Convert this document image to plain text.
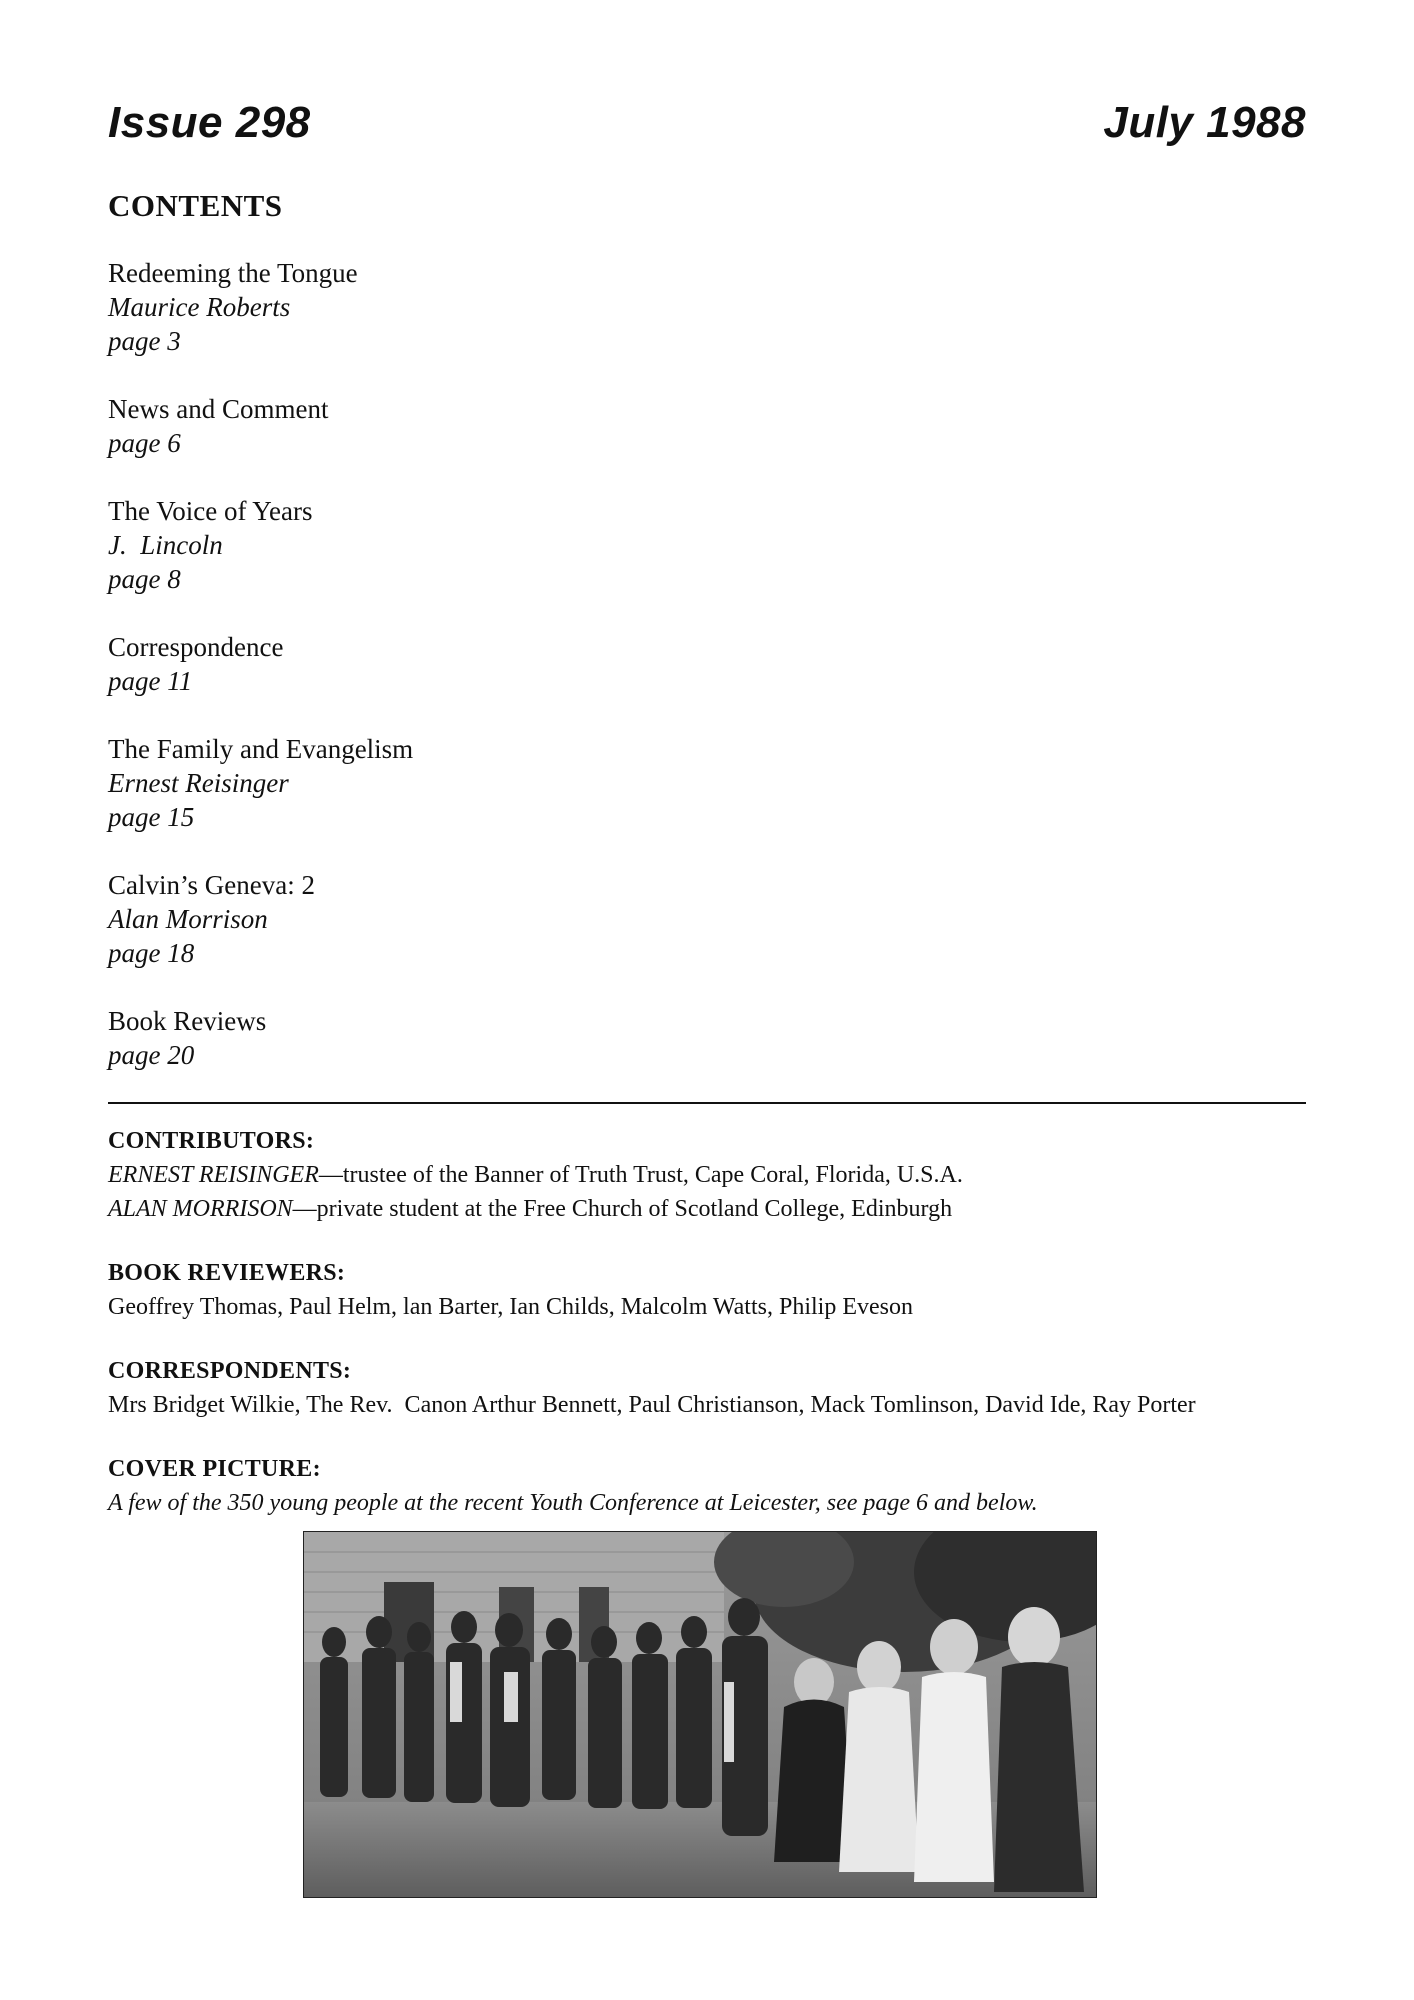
Issue 298	July 1988
CONTENTS
Redeeming the Tongue
Maurice Roberts
page 3
News and Comment
page 6
The Voice of Years
J.  Lincoln
page 8
Correspondence
page 11
The Family and Evangelism
Ernest Reisinger
page 15
Calvin’s Geneva: 2
Alan Morrison
page 18
Book Reviews
page 20
CONTRIBUTORS:
ERNEST REISINGER—trustee of the Banner of Truth Trust, Cape Coral, Florida, U.S.A.
ALAN MORRISON—private student at the Free Church of Scotland College, Edinburgh
BOOK REVIEWERS:
Geoffrey Thomas, Paul Helm, lan Barter, Ian Childs, Malcolm Watts, Philip Eveson
CORRESPONDENTS:
Mrs Bridget Wilkie, The Rev.  Canon Arthur Bennett, Paul Christianson, Mack Tomlinson, David Ide, Ray Porter
COVER PICTURE:
A few of the 350 young people at the recent Youth Conference at Leicester, see page 6 and below.
